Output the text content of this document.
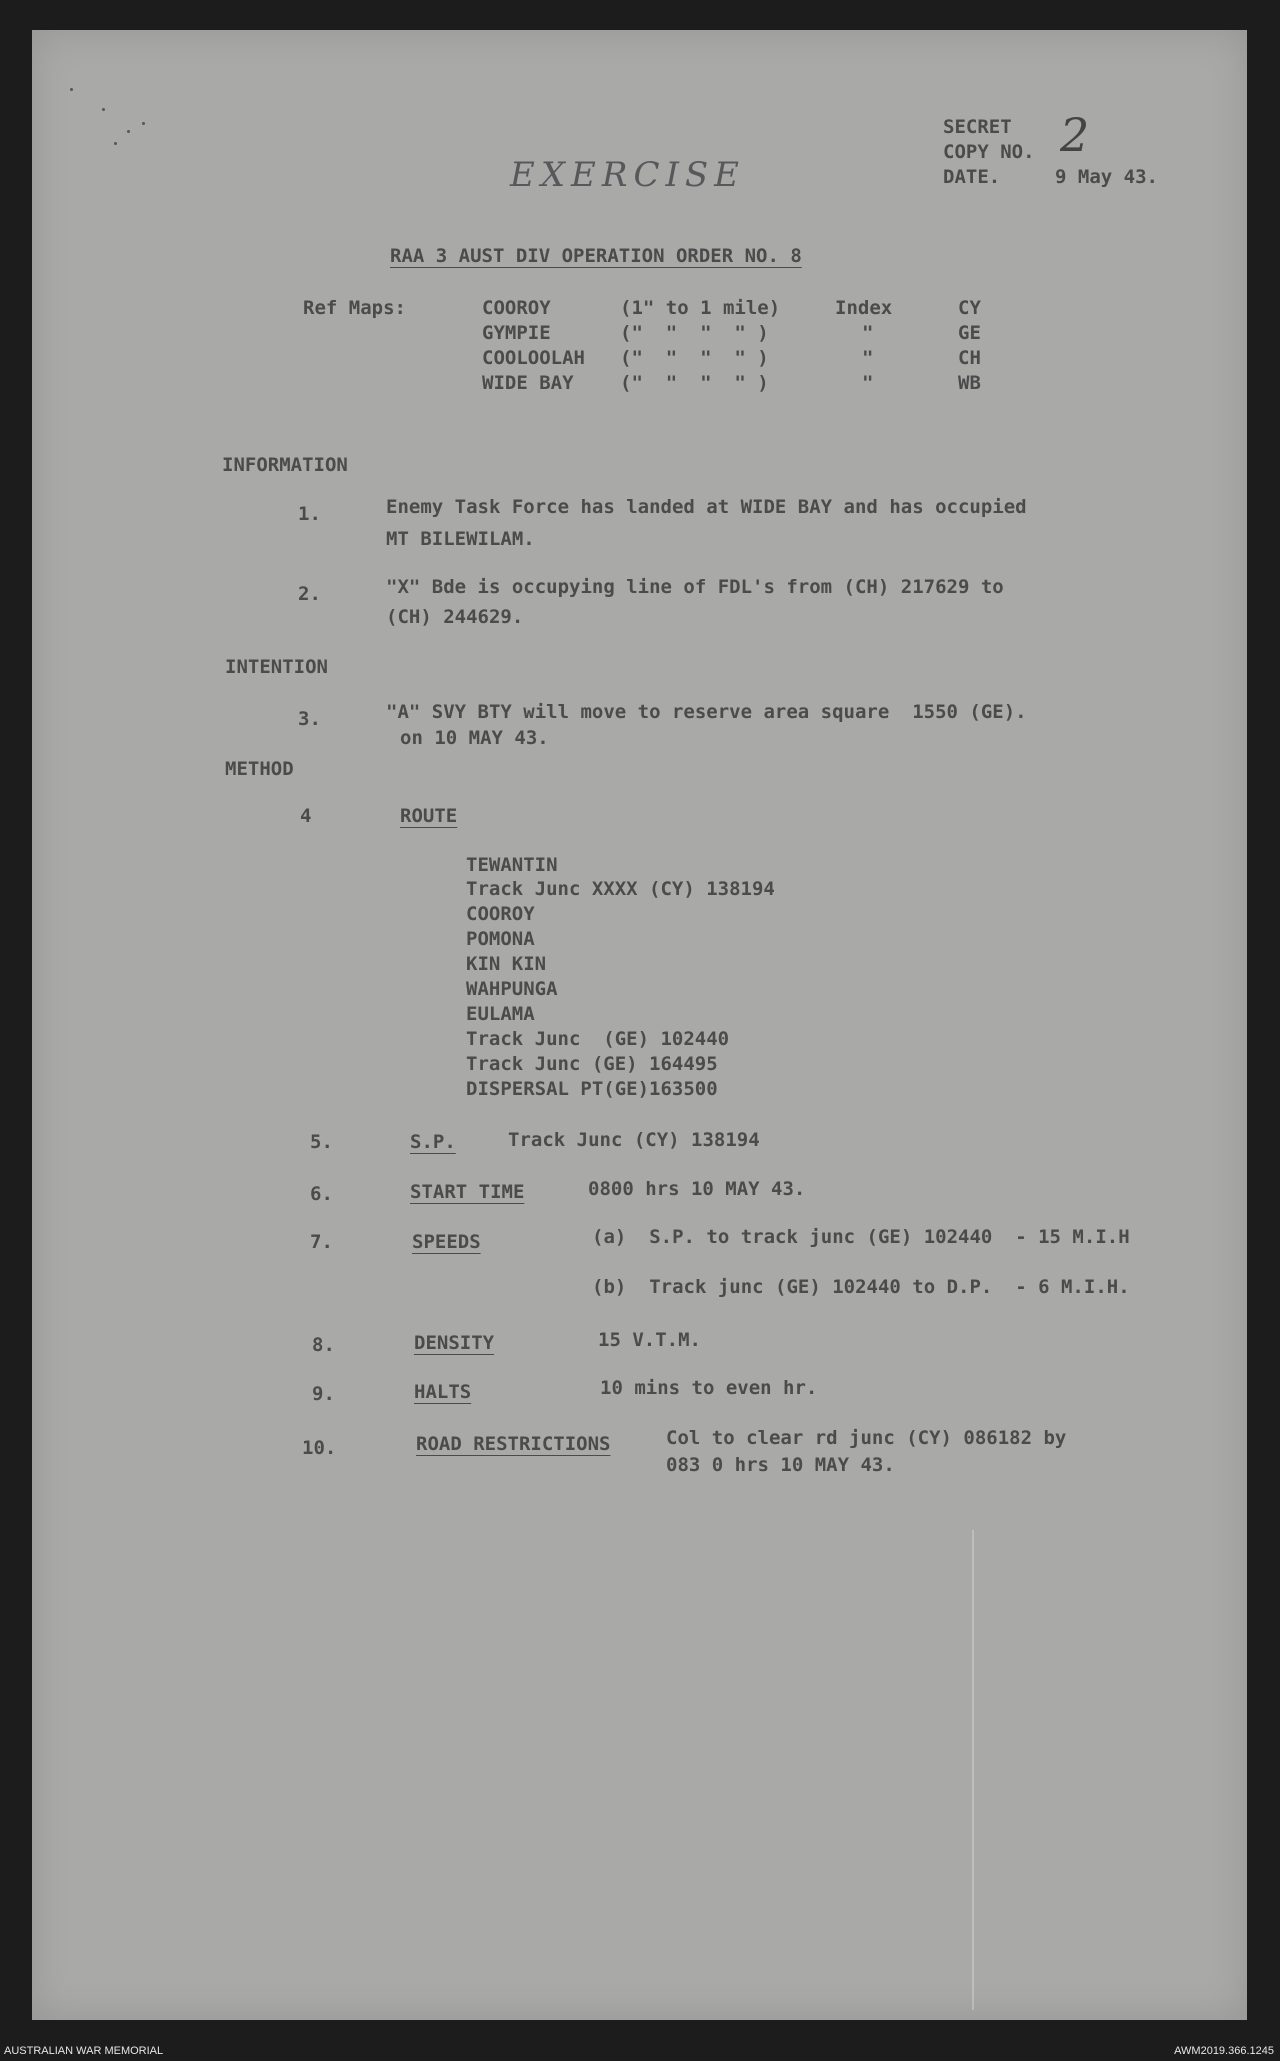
SECRET
COPY NO. 2
DATE.	9 May 43.
EXERCISE
RAA 3 AUST DIV OPERATION ORDER NO. 8
Ref Maps:	COOROY	(1" to 1 mile)	Index	CY
GYMPIE	("  "  "  " )	"	GE
COOLOOLAH ("  "  "  " )	"	CH
WIDE BAY ("  "  "  " )	"	WB
INFORMATION
1.	Enemy Task Force has landed at WIDE BAY and has occupied
MT BILEWILAM.
2.	"X" Bde is occupying line of FDL's from (CH) 217629 to
(CH) 244629.
INTENTION
3.	"A" SVY BTY will move to reserve area square  1550 (GE).
on 10 MAY 43.
METHOD
4	ROUTE
TEWANTIN
Track Junc XXXX (CY) 138194
COOROY
POMONA
KIN KIN
WAHPUNGA
EULAMA
Track Junc  (GE) 102440
Track Junc (GE) 164495
DISPERSAL PT(GE)163500
5.	S.P.	Track Junc (CY) 138194
6.	START TIME	0800 hrs 10 MAY 43.
7.	SPEEDS	(a)  S.P. to track junc (GE) 102440  - 15 M.I.H
(b)  Track junc (GE) 102440 to D.P.  - 6 M.I.H.
8.	DENSITY	15 V.T.M.
9.	HALTS	10 mins to even hr.
10.	ROAD RESTRICTIONS	Col to clear rd junc (CY) 086182 by
083 0 hrs 10 MAY 43.
AUSTRALIAN WAR MEMORIAL	AWM2019.366.1245
